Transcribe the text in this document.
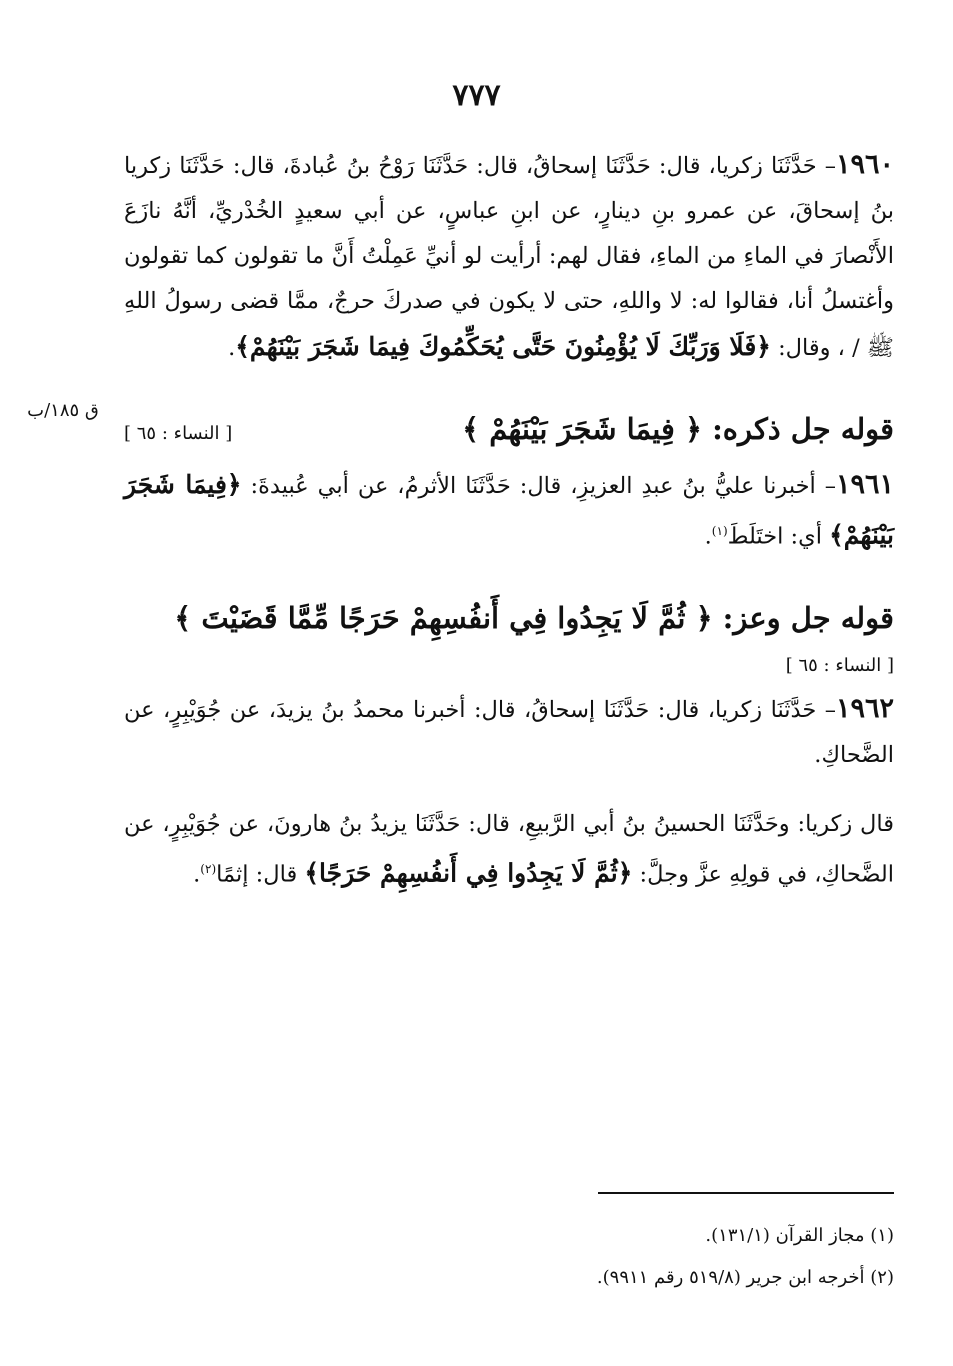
٧٧٧
ق ١٨٥/ب

١٩٦٠– حَدَّثَنَا زكريا، قال: حَدَّثَنَا إسحاقُ، قال: حَدَّثَنَا رَوْحُ بنُ عُبادةَ، قال: حَدَّثَنَا زكريا بنُ إسحاقَ، عن عمرو بنِ دينارٍ، عن ابنِ عباسٍ، عن أبي سعيدٍ الخُدْريِّ، أنَّهُ نازَعَ الأَنْصارَ في الماءِ من الماءِ، فقال لهم: أرأيت لو أنيِّ عَمِلْتُ أَنَّ ما تقولون كما تقولون وأغتسلُ أنا، فقالوا له: لا واللهِ، حتى لا يكون في صدركَ حرجٌ، ممَّا قضى رسولُ اللهِ ﷺ / ، وقال: ﴿فَلَا وَرَبِّكَ لَا يُؤْمِنُونَ حَتَّى يُحَكِّمُوكَ فِيمَا شَجَرَ بَيْنَهُمْ﴾.

قوله جل ذكره: ﴿ فِيمَا شَجَرَ بَيْنَهُمْ ﴾
[ النساء : ٦٥ ]

١٩٦١– أخبرنا عليُّ بنُ عبدِ العزيزِ، قال: حَدَّثَنَا الأثرمُ، عن أبي عُبيدةَ: ﴿فِيمَا شَجَرَ بَيْنَهُمْ﴾ أي: اختَلَطَ$^{(١)}$.

قوله جل وعز: ﴿ ثُمَّ لَا يَجِدُوا فِي أَنفُسِهِمْ حَرَجًا مِّمَّا قَضَيْتَ ﴾
[ النساء : ٦٥ ]

١٩٦٢– حَدَّثَنَا زكريا، قال: حَدَّثَنَا إسحاقُ، قال: أخبرنا محمدُ بنُ يزيدَ، عن جُوَيْبِرٍ، عن الضَّحاكِ.

قال زكريا: وحَدَّثَنَا الحسينُ بنُ أبي الرَّبيعِ، قال: حَدَّثَنَا يزيدُ بنُ هارونَ، عن جُوَيْبِرٍ، عن الضَّحاكِ، في قولِهِ عزَّ وجلَّ: ﴿ثُمَّ لَا يَجِدُوا فِي أَنفُسِهِمْ حَرَجًا﴾ قال: إثمًا$^{(٢)}$.

(١) مجاز القرآن (١٣١/١).
(٢) أخرجه ابن جرير (٥١٩/٨ رقم ٩٩١١).
